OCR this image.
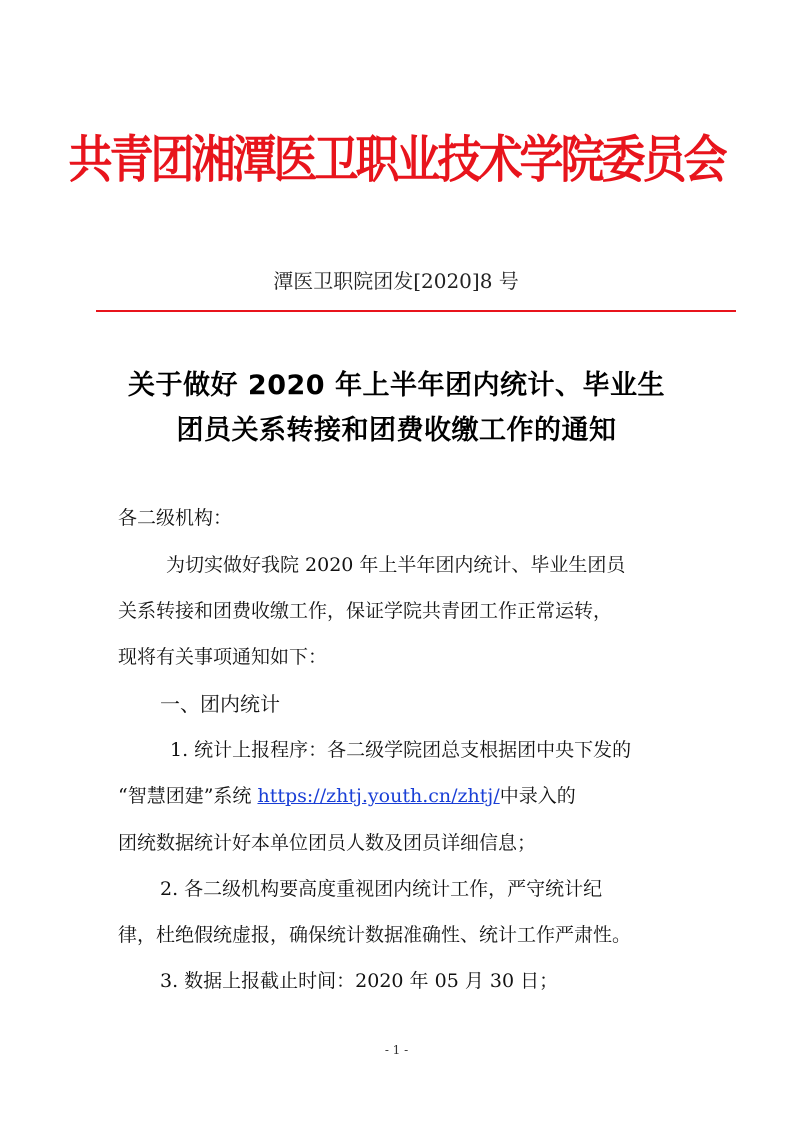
共青团湘潭医卫职业技术学院委员会
潭医卫职院团发[2020]8 号
关于做好 2020 年上半年团内统计、毕业生
团员关系转接和团费收缴工作的通知
各二级机构：
为切实做好我院 2020 年上半年团内统计、毕业生团员
关系转接和团费收缴工作，保证学院共青团工作正常运转，
现将有关事项通知如下：
一、团内统计
1. 统计上报程序：各二级学院团总支根据团中央下发的
“智慧团建”系统 https://zhtj.youth.cn/zhtj/中录入的
团统数据统计好本单位团员人数及团员详细信息；
2. 各二级机构要高度重视团内统计工作，严守统计纪
律，杜绝假统虚报，确保统计数据准确性、统计工作严肃性。
3. 数据上报截止时间：2020 年 05 月 30 日；
- 1 -
